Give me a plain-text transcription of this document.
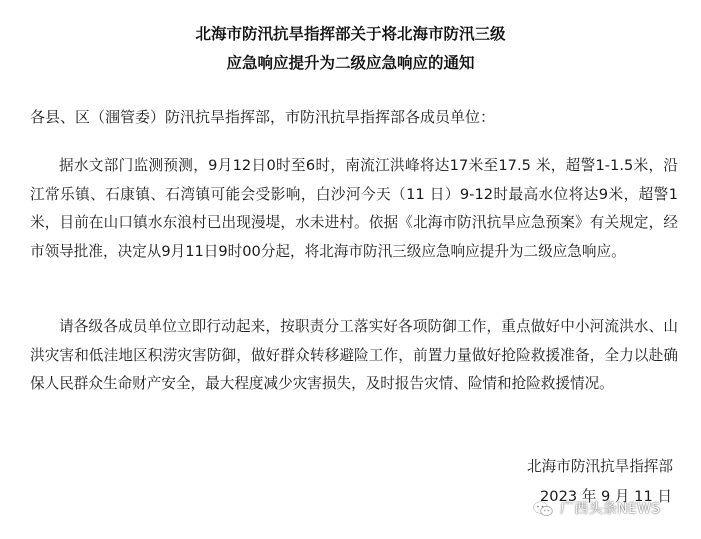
北海市防汛抗旱指挥部关于将北海市防汛三级
应急响应提升为二级应急响应的通知
各县、区（涠管委）防汛抗旱指挥部，市防汛抗旱指挥部各成员单位：

据水文部门监测预测，9月12日0时至6时，南流江洪峰将达17米至17.5 米，超警1-1.5米，沿江常乐镇、石康镇、石湾镇可能会受影响，白沙河今天（11 日）9-12时最高水位将达9米，超警1米，目前在山口镇水东浪村已出现漫堤，水未进村。依据《北海市防汛抗旱应急预案》有关规定，经市领导批准，决定从9月11日9时00分起，将北海市防汛三级应急响应提升为二级应急响应。

请各级各成员单位立即行动起来，按职责分工落实好各项防御工作，重点做好中小河流洪水、山洪灾害和低洼地区积涝灾害防御，做好群众转移避险工作，前置力量做好抢险救援准备，全力以赴确保人民群众生命财产安全，最大程度减少灾害损失，及时报告灾情、险情和抢险救援情况。

北海市防汛抗旱指挥部
2023 年 9 月 11 日
广西头条NEWS
